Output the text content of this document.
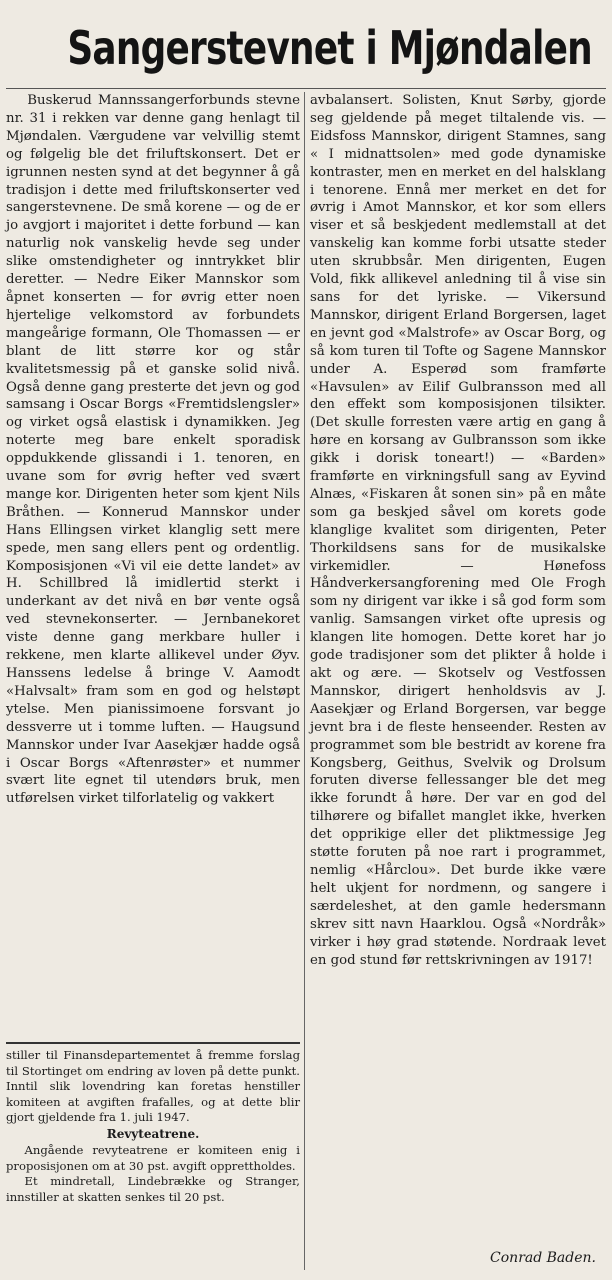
Sangerstevnet i Mjøndalen

Buskerud Mannssangerforbunds stevne nr. 31 i rekken var denne gang henlagt til Mjøndalen. Værgudene var velvillig stemt og følgelig ble det friluftskonsert. Det er igrunnen nesten synd at det begynner å gå tradisjon i dette med friluftskonserter ved sangerstevnene. De små korene — og de er jo avgjort i majoritet i dette forbund — kan naturlig nok vanskelig hevde seg under slike omstendigheter og inntrykket blir deretter. — Nedre Eiker Mannskor som åpnet konserten — for øvrig etter noen hjertelige velkomstord av forbundets mangeårige formann, Ole Thomassen — er blant de litt større kor og står kvalitetsmessig på et ganske solid nivå. Også denne gang presterte det jevn og god samsang i Oscar Borgs «Fremtidslengsler» og virket også elastisk i dynamikken. Jeg noterte meg bare enkelt sporadisk oppdukkende glissandi i 1. tenoren, en uvane som for øvrig hefter ved svært mange kor. Dirigenten heter som kjent Nils Bråthen. — Konnerud Mannskor under Hans Ellingsen virket klanglig sett mere spede, men sang ellers pent og ordentlig. Komposisjonen «Vi vil eie dette landet» av H. Schillbred lå imidlertid sterkt i underkant av det nivå en bør vente også ved stevnekonserter. — Jernbanekoret viste denne gang merkbare huller i rekkene, men klarte allikevel under Øyv. Hanssens ledelse å bringe V. Aamodt «Halvsalt» fram som en god og helstøpt ytelse. Men pianissimoene forsvant jo dessverre ut i tomme luften. — Haugsund Mannskor under Ivar Aasekjær hadde også i Oscar Borgs «Aftenrøster» et nummer svært lite egnet til utendørs bruk, men utførelsen virket tilforlatelig og vakkert

avbalansert. Solisten, Knut Sørby, gjorde seg gjeldende på meget tiltalende vis. — Eidsfoss Mannskor, dirigent Stamnes, sang « I midnattsolen» med gode dynamiske kontraster, men en merket en del halsklang i tenorene. Ennå mer merket en det for øvrig i Amot Mannskor, et kor som ellers viser et så beskjedent medlemstall at det vanskelig kan komme forbi utsatte steder uten skrubbsår. Men dirigenten, Eugen Vold, fikk allikevel anledning til å vise sin sans for det lyriske. — Vikersund Mannskor, dirigent Erland Borgersen, laget en jevnt god «Malstrofe» av Oscar Borg, og så kom turen til Tofte og Sagene Mannskor under A. Esperød som framførte «Havsulen» av Eilif Gulbransson med all den effekt som komposisjonen tilsikter. (Det skulle forresten være artig en gang å høre en korsang av Gulbransson som ikke gikk i dorisk toneart!) — «Barden» framførte en virkningsfull sang av Eyvind Alnæs, «Fiskaren åt sonen sin» på en måte som ga beskjed såvel om korets gode klanglige kvalitet som dirigenten, Peter Thorkildsens sans for de musikalske virkemidler. — Hønefoss Håndverkersangforening med Ole Frogh som ny dirigent var ikke i så god form som vanlig. Samsangen virket ofte upresis og klangen lite homogen. Dette koret har jo gode tradisjoner som det plikter å holde i akt og ære. — Skotselv og Vestfossen Mannskor, dirigert henholdsvis av J. Aasekjær og Erland Borgersen, var begge jevnt bra i de fleste henseender. Resten av programmet som ble bestridt av korene fra Kongsberg, Geithus, Svelvik og Drolsum foruten diverse fellessanger ble det meg ikke forundt å høre. Der var en god del tilhørere og bifallet manglet ikke, hverken det opprikige eller det pliktmessige Jeg støtte foruten på noe rart i programmet, nemlig «Hårclou». Det burde ikke være helt ukjent for nordmenn, og sangere i særdeleshet, at den gamle hedersmann skrev sitt navn Haarklou. Også «Nordråk» virker i høy grad støtende. Nordraak levet en god stund før rettskrivningen av 1917!

stiller til Finansdepartementet å fremme forslag til Stortinget om endring av loven på dette punkt. Inntil slik lovendring kan foretas henstiller komiteen at avgiften frafalles, og at dette blir gjort gjeldende fra 1. juli 1947.

Revyteatrene.

Angående revyteatrene er komiteen enig i proposisjonen om at 30 pst. avgift opprettholdes.

Et mindretall, Lindebrække og Stranger, innstiller at skatten senkes til 20 pst.

Conrad Baden.
